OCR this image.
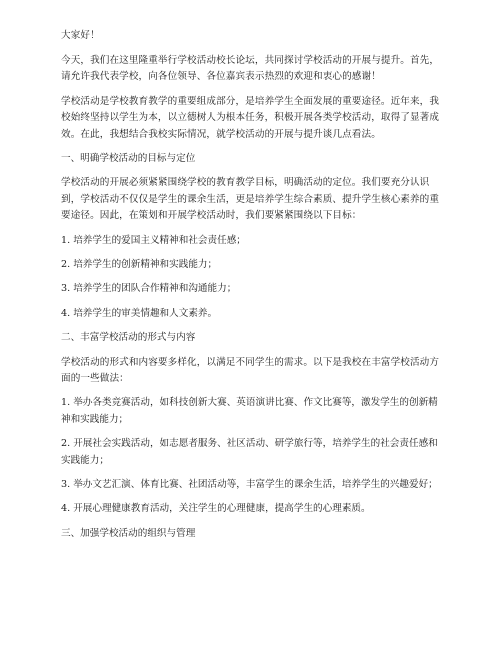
大家好！

今天，我们在这里隆重举行学校活动校长论坛，共同探讨学校活动的开展与提升。首先，请允许我代表学校，向各位领导、各位嘉宾表示热烈的欢迎和衷心的感谢！

学校活动是学校教育教学的重要组成部分，是培养学生全面发展的重要途径。近年来，我校始终坚持以学生为本，以立德树人为根本任务，积极开展各类学校活动，取得了显著成效。在此，我想结合我校实际情况，就学校活动的开展与提升谈几点看法。

一、明确学校活动的目标与定位

学校活动的开展必须紧紧围绕学校的教育教学目标，明确活动的定位。我们要充分认识到，学校活动不仅仅是学生的课余生活，更是培养学生综合素质、提升学生核心素养的重要途径。因此，在策划和开展学校活动时，我们要紧紧围绕以下目标：

1. 培养学生的爱国主义精神和社会责任感；

2. 培养学生的创新精神和实践能力；

3. 培养学生的团队合作精神和沟通能力；

4. 培养学生的审美情趣和人文素养。

二、丰富学校活动的形式与内容

学校活动的形式和内容要多样化，以满足不同学生的需求。以下是我校在丰富学校活动方面的一些做法：

1. 举办各类竞赛活动，如科技创新大赛、英语演讲比赛、作文比赛等，激发学生的创新精神和实践能力；

2. 开展社会实践活动，如志愿者服务、社区活动、研学旅行等，培养学生的社会责任感和实践能力；

3. 举办文艺汇演、体育比赛、社团活动等，丰富学生的课余生活，培养学生的兴趣爱好；

4. 开展心理健康教育活动，关注学生的心理健康，提高学生的心理素质。

三、加强学校活动的组织与管理
